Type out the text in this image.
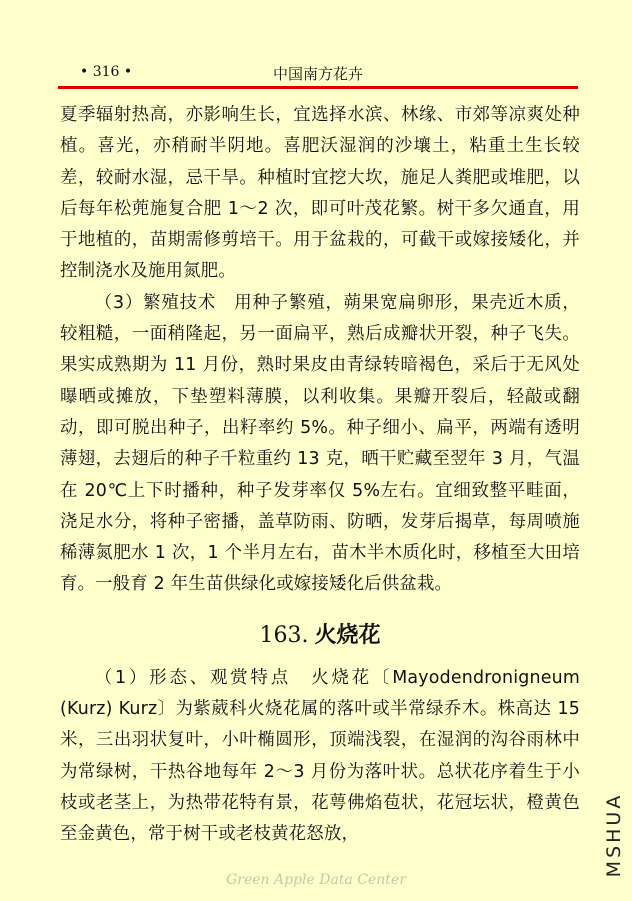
• 316 •	中国南方花卉

夏季辐射热高，亦影响生长，宜选择水滨、林缘、市郊等凉爽处种植。喜光，亦稍耐半阴地。喜肥沃湿润的沙壤土，粘重土生长较差，较耐水湿，忌干旱。种植时宜挖大坎，施足人粪肥或堆肥，以后每年松蔸施复合肥 1～2 次，即可叶茂花繁。树干多欠通直，用于地植的，苗期需修剪培干。用于盆栽的，可截干或嫁接矮化，并控制浇水及施用氮肥。

（3）繁殖技术　用种子繁殖，蒴果宽扁卵形，果壳近木质，较粗糙，一面稍隆起，另一面扁平，熟后成瓣状开裂，种子飞失。果实成熟期为 11 月份，熟时果皮由青绿转暗褐色，采后于无风处曝晒或摊放，下垫塑料薄膜，以利收集。果瓣开裂后，轻敲或翻动，即可脱出种子，出籽率约 5%。种子细小、扁平，两端有透明薄翅，去翅后的种子千粒重约 13 克，晒干贮藏至翌年 3 月，气温在 20℃上下时播种，种子发芽率仅 5%左右。宜细致整平畦面，浇足水分，将种子密播，盖草防雨、防晒，发芽后揭草，每周喷施稀薄氮肥水 1 次，1 个半月左右，苗木半木质化时，移植至大田培育。一般育 2 年生苗供绿化或嫁接矮化后供盆栽。

163. 火烧花

（1）形态、观赏特点　火烧花〔Mayodendronigneum (Kurz) Kurz〕为紫葳科火烧花属的落叶或半常绿乔木。株高达 15 米，三出羽状复叶，小叶椭圆形，顶端浅裂，在湿润的沟谷雨林中为常绿树，干热谷地每年 2～3 月份为落叶状。总状花序着生于小枝或老茎上，为热带花特有景，花萼佛焰苞状，花冠坛状，橙黄色至金黄色，常于树干或老枝黄花怒放，	MSHUA
Green Apple Data Center
